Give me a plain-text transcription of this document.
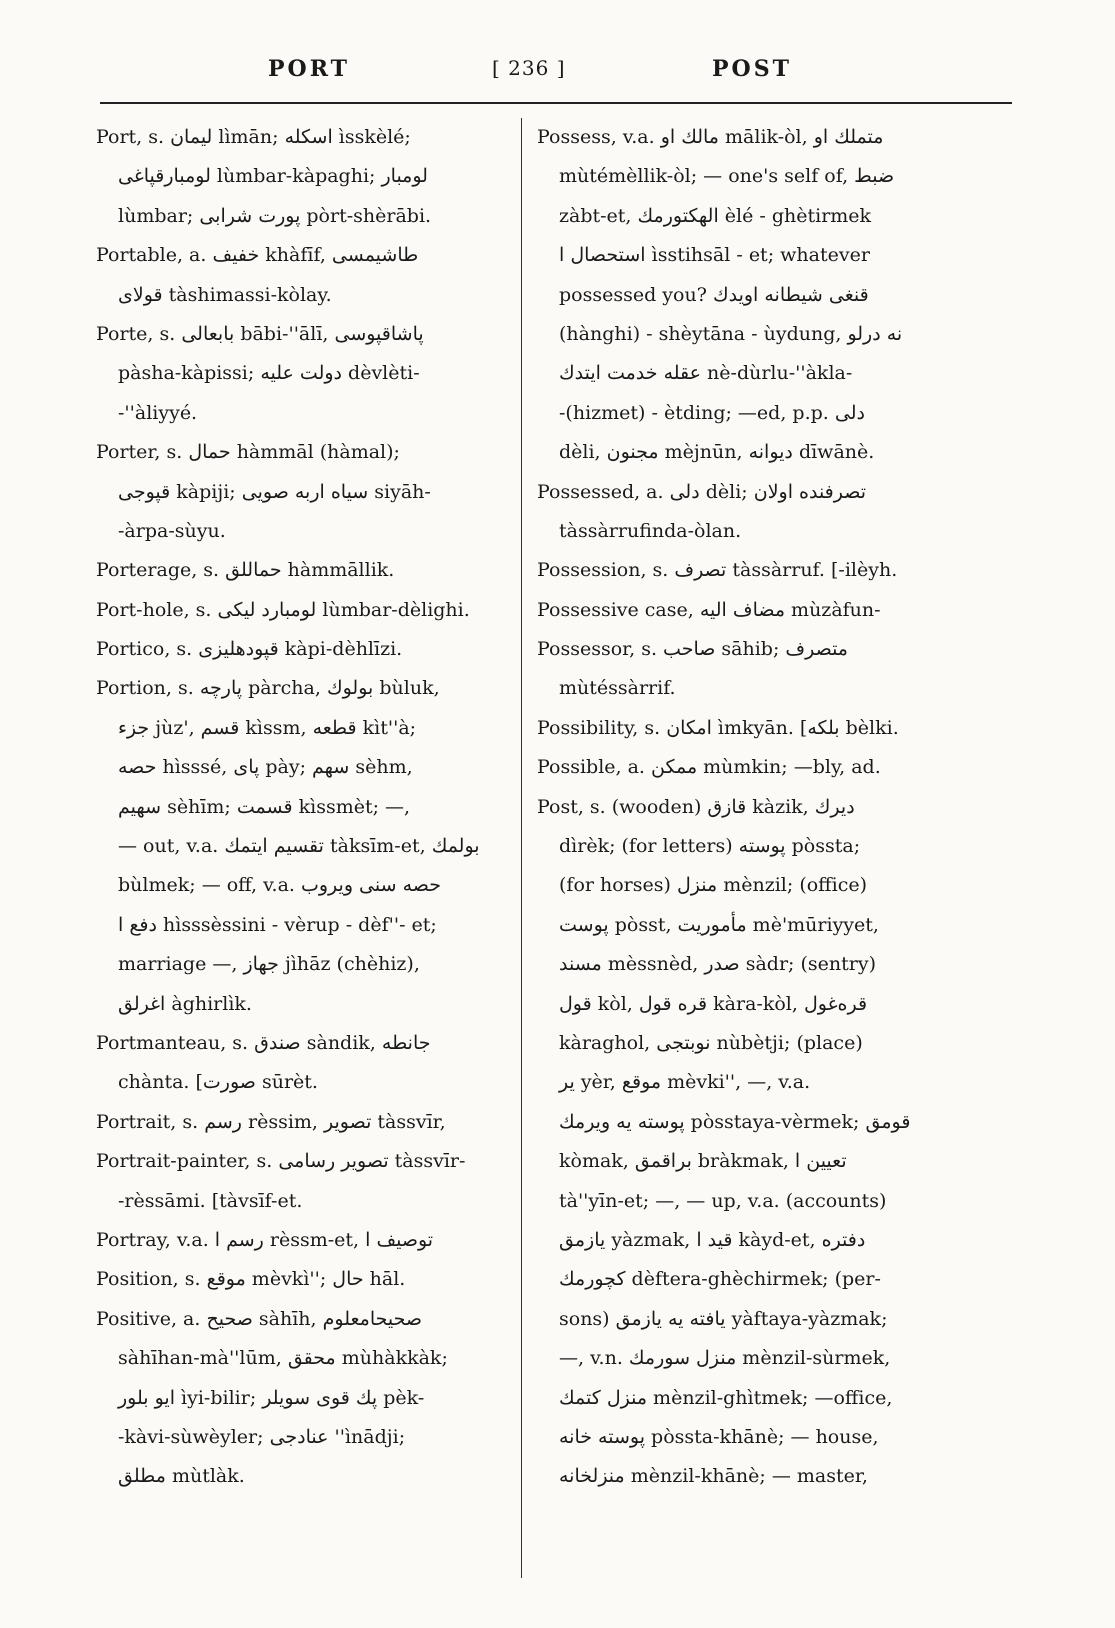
PORT	[ 236 ]	POST
Port, s. ليمان lìmān; اسكله ìsskèlé;
لومبارقپاغى lùmbar-kàpaghi; لومبار
lùmbar; پورت شرابى pòrt-shèrābi.
Portable, a. خفيف khàfīf, طاشيمسى
قولاى tàshimassi-kòlay.
Porte, s. بابعالى bābi-''ālī, پاشاقپوسى
pàsha-kàpissi; دولت عليه dèvlèti-
-''àliyyé.
Porter, s. حمال hàmmāl (hàmal);
قپوجى kàpiji; سياه اربه صويى siyāh-
-àrpa-sùyu.
Porterage, s. حماللق hàmmāllik.
Port-hole, s. لومبارد ليكى lùmbar-dèlighi.
Portico, s. قپودهليزى kàpi-dèhlīzi.
Portion, s. پارچه pàrcha, بولوك bùluk,
جزء jùz', قسم kìssm, قطعه kìt''à;
حصه hìsssé, پاى pày; سهم sèhm,
سهيم sèhīm; قسمت kìssmèt; —,
— out, v.a. تقسيم ايتمك tàksīm-et, بولمك
bùlmek; — off, v.a. حصه سنى ويروب
دفع ا hìsssèssini - vèrup - dèf''- et;
marriage —, جهاز jìhāz (chèhiz),
اغرلق àghirlìk.
Portmanteau, s. صندق sàndik, جانطه
chànta. [صورت sūrèt.
Portrait, s. رسم rèssim, تصوير tàssvīr,
Portrait-painter, s. تصوير رسامى tàssvīr-
-rèssāmi. [tàvsīf-et.
Portray, v.a. رسم ا rèssm-et, توصيف ا
Position, s. موقع mèvkì''; حال hāl.
Positive, a. صحيح sàhīh, صحيحامعلوم
sàhīhan-mà''lūm, محقق mùhàkkàk;
ايو بلور ìyi-bilir; پك قوى سويلر pèk-
-kàvi-sùwèyler; عنادجى ''ìnādji;
مطلق mùtlàk.
Possess, v.a. مالك او mālik-òl, متملك او
mùtémèllik-òl; — one's self of, ضبط
zàbt-et, الهكتورمك èlé - ghètirmek
استحصال ا ìsstihsāl - et; whatever
possessed you? قنغى شيطانه اويدك
(hànghi) - shèytāna - ùydung, نه درلو
عقله خدمت ايتدك nè-dùrlu-''àkla-
-(hizmet) - ètding; —ed, p.p. دلى
dèli, مجنون mèjnūn, ديوانه dīwānè.
Possessed, a. دلى dèli; تصرفنده اولان
tàssàrrufinda-òlan.
Possession, s. تصرف tàssàrruf. [-ilèyh.
Possessive case, مضاف اليه mùzàfun-
Possessor, s. صاحب sāhib; متصرف
mùtéssàrrif.
Possibility, s. امكان ìmkyān. [بلكه bèlki.
Possible, a. ممكن mùmkin; —bly, ad.
Post, s. (wooden) قازق kàzik, ديرك
dìrèk; (for letters) پوسته pòssta;
(for horses) منزل mènzil; (office)
پوست pòsst, مأموريت mè'mūriyyet,
مسند mèssnèd, صدر sàdr; (sentry)
قول kòl, قره قول kàra-kòl, قرەغول
kàraghol, نوبتجى nùbètji; (place)
ير yèr, موقع mèvki'', —, v.a.
پوسته يه ويرمك pòsstaya-vèrmek; قومق
kòmak, براقمق bràkmak, تعيين ا
tà''yīn-et; —, — up, v.a. (accounts)
يازمق yàzmak, قيد ا kàyd-et, دفتره
كچورمك dèftera-ghèchirmek; (per-
sons) يافته يه يازمق yàftaya-yàzmak;
—, v.n. منزل سورمك mènzil-sùrmek,
منزل كتمك mènzil-ghìtmek; —office,
پوسته خانه pòssta-khānè; — house,
منزلخانه mènzil-khānè; — master,
